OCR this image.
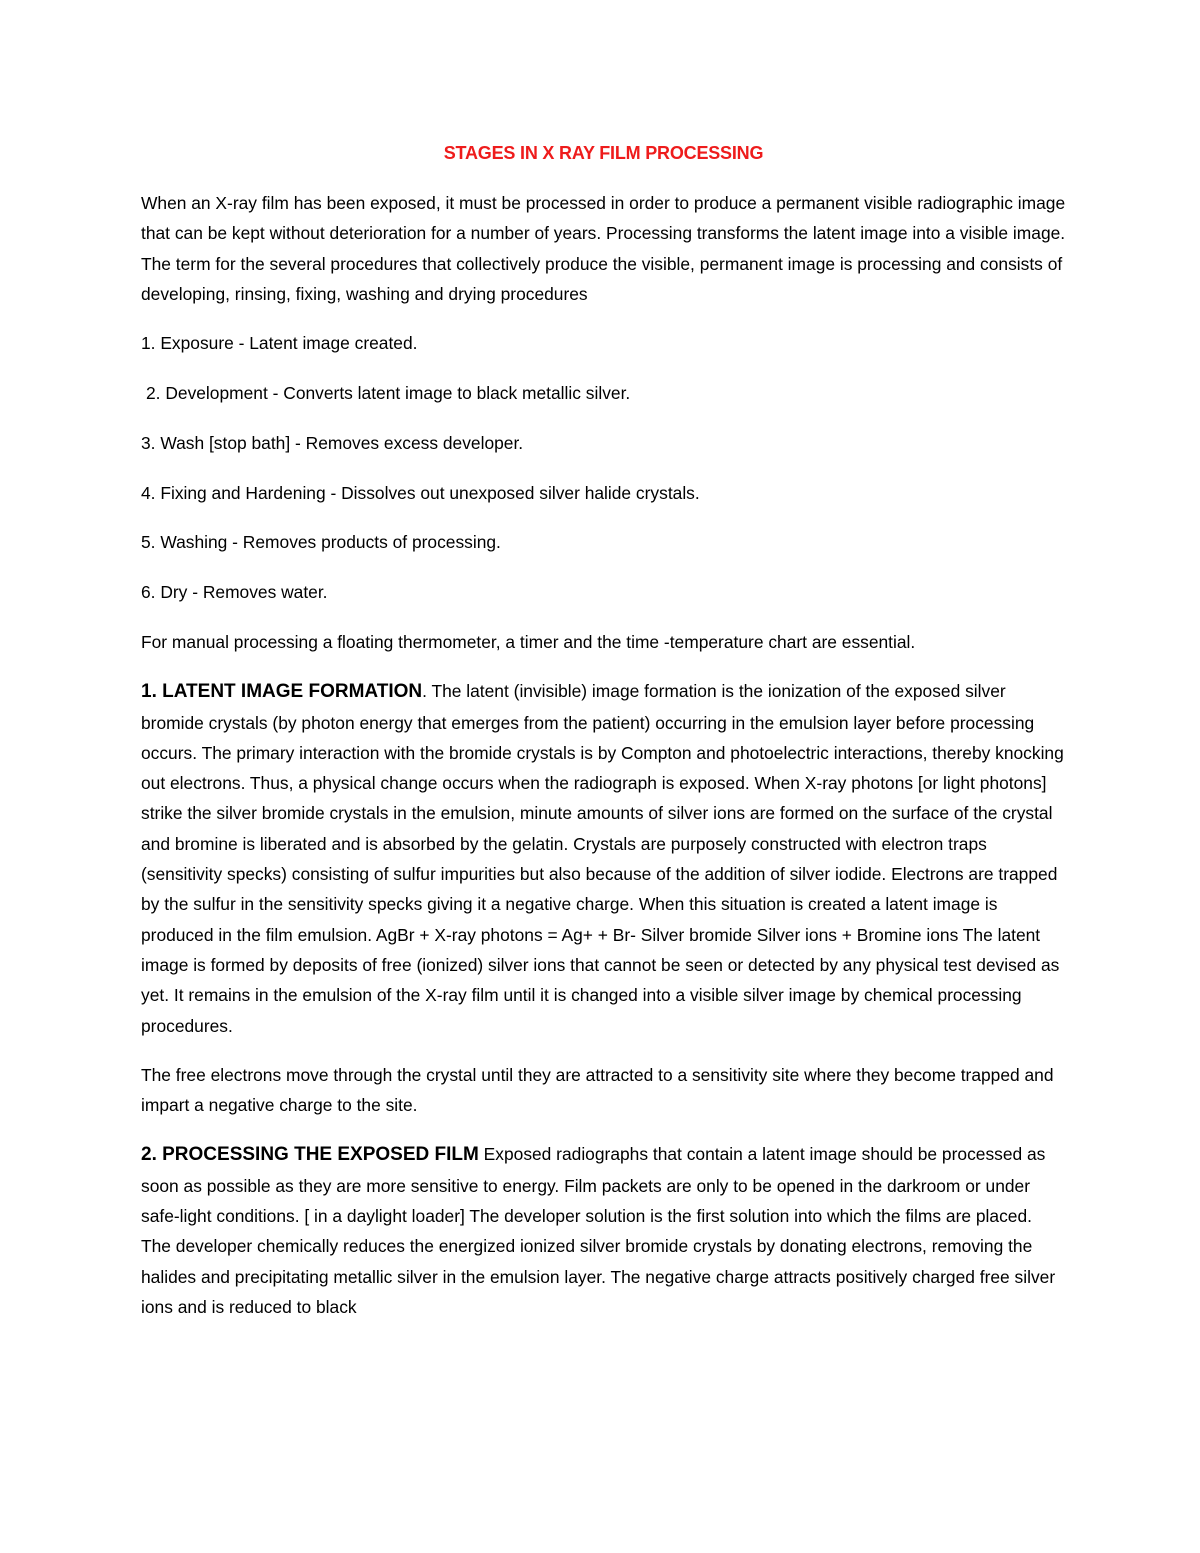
STAGES IN X RAY FILM PROCESSING

When an X-ray film has been exposed, it must be processed in order to produce a permanent visible radiographic image that can be kept without deterioration for a number of years. Processing transforms the latent image into a visible image. The term for the several procedures that collectively produce the visible, permanent image is processing and consists of developing, rinsing, fixing, washing and drying procedures

1. Exposure - Latent image created.

2. Development - Converts latent image to black metallic silver.

3. Wash [stop bath] - Removes excess developer.

4. Fixing and Hardening - Dissolves out unexposed silver halide crystals.

5. Washing - Removes products of processing.

6. Dry - Removes water.

For manual processing a floating thermometer, a timer and the time -temperature chart are essential.

1. LATENT IMAGE FORMATION. The latent (invisible) image formation is the ionization of the exposed silver bromide crystals (by photon energy that emerges from the patient) occurring in the emulsion layer before processing occurs. The primary interaction with the bromide crystals is by Compton and photoelectric interactions, thereby knocking out electrons. Thus, a physical change occurs when the radiograph is exposed. When X-ray photons [or light photons] strike the silver bromide crystals in the emulsion, minute amounts of silver ions are formed on the surface of the crystal and bromine is liberated and is absorbed by the gelatin. Crystals are purposely constructed with electron traps (sensitivity specks) consisting of sulfur impurities but also because of the addition of silver iodide. Electrons are trapped by the sulfur in the sensitivity specks giving it a negative charge. When this situation is created a latent image is produced in the film emulsion. AgBr + X-ray photons = Ag+ + Br- Silver bromide Silver ions + Bromine ions The latent image is formed by deposits of free (ionized) silver ions that cannot be seen or detected by any physical test devised as yet. It remains in the emulsion of the X-ray film until it is changed into a visible silver image by chemical processing procedures.

The free electrons move through the crystal until they are attracted to a sensitivity site where they become trapped and impart a negative charge to the site.

2. PROCESSING THE EXPOSED FILM Exposed radiographs that contain a latent image should be processed as soon as possible as they are more sensitive to energy. Film packets are only to be opened in the darkroom or under safe-light conditions. [ in a daylight loader] The developer solution is the first solution into which the films are placed. The developer chemically reduces the energized ionized silver bromide crystals by donating electrons, removing the halides and precipitating metallic silver in the emulsion layer. The negative charge attracts positively charged free silver ions and is reduced to black
